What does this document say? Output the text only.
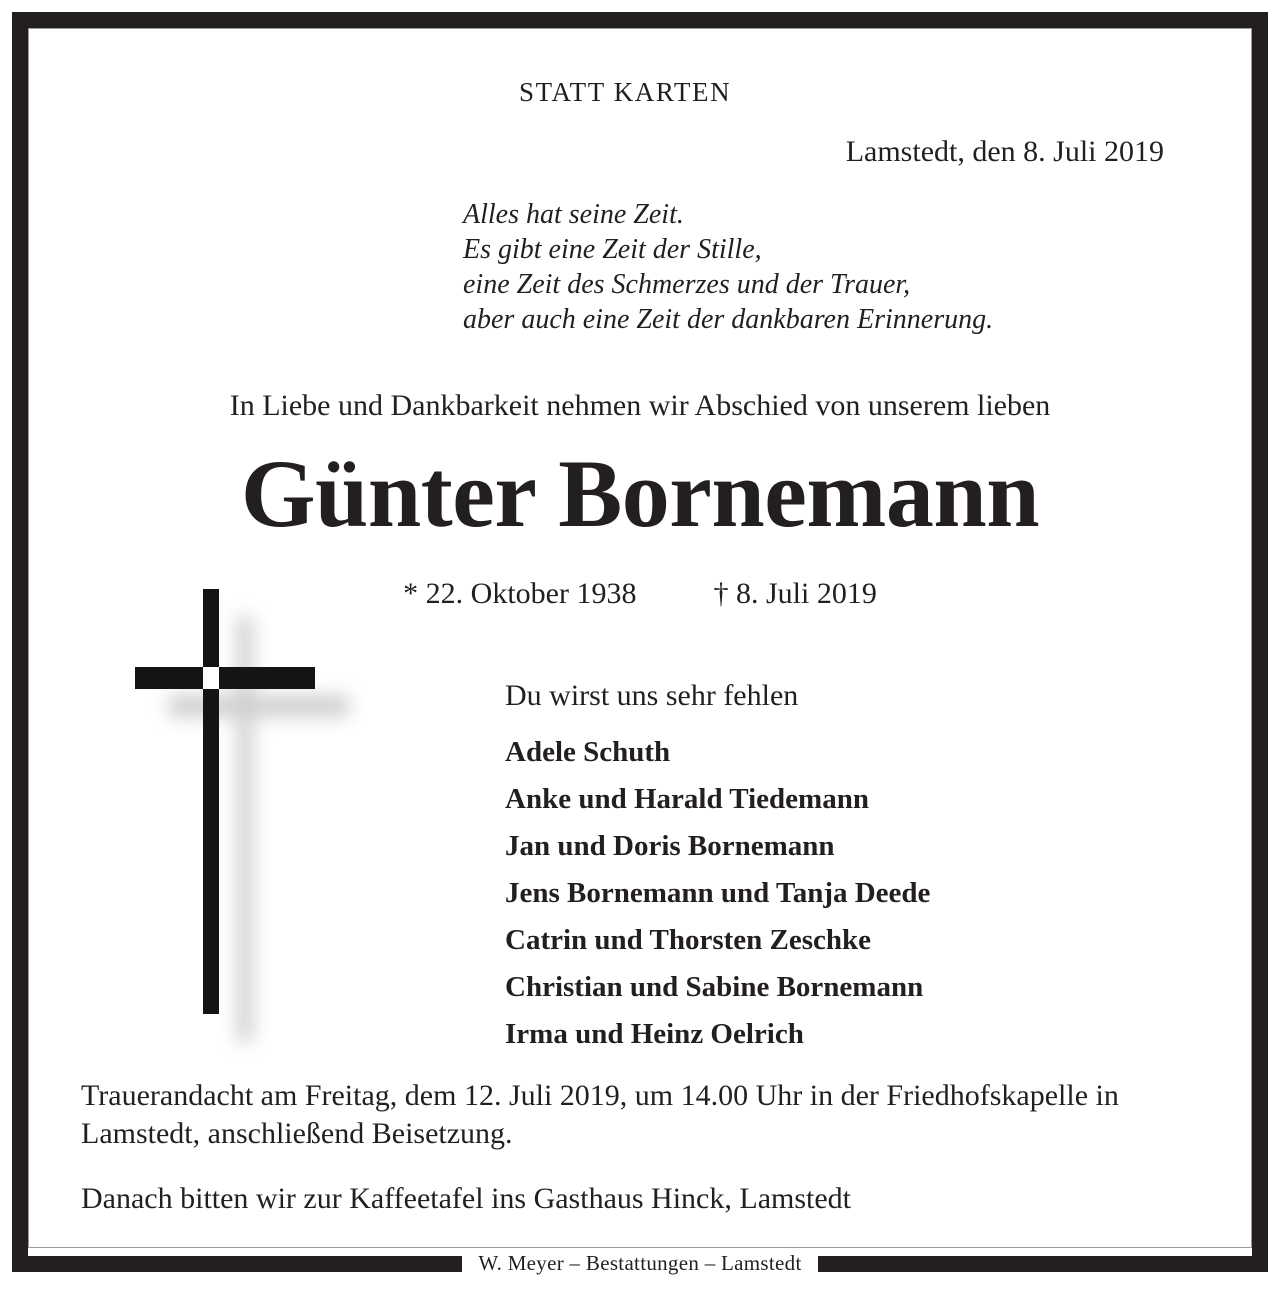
STATT KARTEN
Lamstedt, den 8. Juli 2019
Alles hat seine Zeit.
Es gibt eine Zeit der Stille,
eine Zeit des Schmerzes und der Trauer,
aber auch eine Zeit der dankbaren Erinnerung.
In Liebe und Dankbarkeit nehmen wir Abschied von unserem lieben
Günter Bornemann
* 22. Oktober 1938	† 8. Juli 2019
Du wirst uns sehr fehlen
Adele Schuth
Anke und Harald Tiedemann
Jan und Doris Bornemann
Jens Bornemann und Tanja Deede
Catrin und Thorsten Zeschke
Christian und Sabine Bornemann
Irma und Heinz Oelrich
Trauerandacht am Freitag, dem 12. Juli 2019, um 14.00 Uhr in der Friedhofskapelle in Lamstedt, anschließend Beisetzung.
Danach bitten wir zur Kaffeetafel ins Gasthaus Hinck, Lamstedt
W. Meyer – Bestattungen – Lamstedt
